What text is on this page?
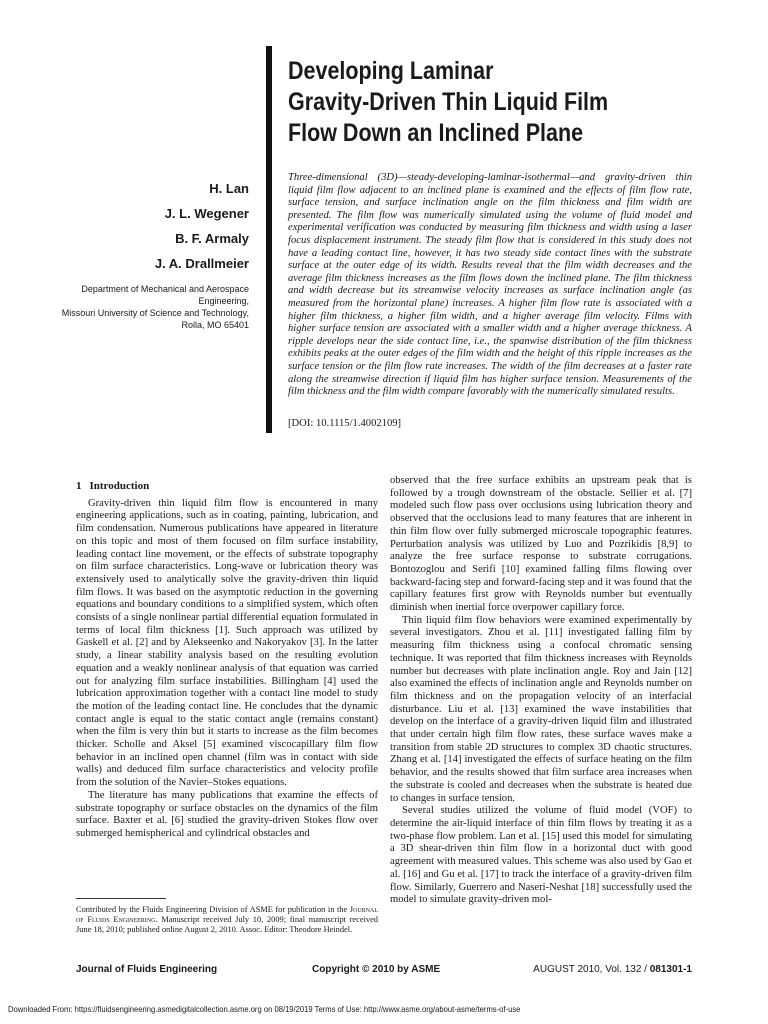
Developing Laminar
Gravity-Driven Thin Liquid Film
Flow Down an Inclined Plane
H. Lan
J. L. Wegener
B. F. Armaly
J. A. Drallmeier
Department of Mechanical and Aerospace
Engineering,
Missouri University of Science and Technology,
Rolla, MO 65401

Three-dimensional (3D)—steady-developing-laminar-isothermal—and gravity-driven thin liquid film flow adjacent to an inclined plane is examined and the effects of film flow rate, surface tension, and surface inclination angle on the film thickness and film width are presented. The film flow was numerically simulated using the volume of fluid model and experimental verification was conducted by measuring film thickness and width using a laser focus displacement instrument. The steady film flow that is considered in this study does not have a leading contact line, however, it has two steady side contact lines with the substrate surface at the outer edge of its width. Results reveal that the film width decreases and the average film thickness increases as the film flows down the inclined plane. The film thickness and width decrease but its streamwise velocity increases as surface inclination angle (as measured from the horizontal plane) increases. A higher film flow rate is associated with a higher film thickness, a higher film width, and a higher average film velocity. Films with higher surface tension are associated with a smaller width and a higher average thickness. A ripple develops near the side contact line, i.e., the spanwise distribution of the film thickness exhibits peaks at the outer edges of the film width and the height of this ripple increases as the surface tension or the film flow rate increases. The width of the film decreases at a faster rate along the streamwise direction if liquid film has higher surface tension. Measurements of the film thickness and the film width compare favorably with the numerically simulated results.

[DOI: 10.1115/1.4002109]
1 Introduction

Gravity-driven thin liquid film flow is encountered in many engineering applications, such as in coating, painting, lubrication, and film condensation. Numerous publications have appeared in literature on this topic and most of them focused on film surface instability, leading contact line movement, or the effects of substrate topography on film surface characteristics. Long-wave or lubrication theory was extensively used to analytically solve the gravity-driven thin liquid film flows. It was based on the asymptotic reduction in the governing equations and boundary conditions to a simplified system, which often consists of a single nonlinear partial differential equation formulated in terms of local film thickness [1]. Such approach was utilized by Gaskell et al. [2] and by Alekseenko and Nakoryakov [3]. In the latter study, a linear stability analysis based on the resulting evolution equation and a weakly nonlinear analysis of that equation was carried out for analyzing film surface instabilities. Billingham [4] used the lubrication approximation together with a contact line model to study the motion of the leading contact line. He concludes that the dynamic contact angle is equal to the static contact angle (remains constant) when the film is very thin but it starts to increase as the film becomes thicker. Scholle and Aksel [5] examined viscocapillary film flow behavior in an inclined open channel (film was in contact with side walls) and deduced film surface characteristics and velocity profile from the solution of the Navier–Stokes equations.

The literature has many publications that examine the effects of substrate topography or surface obstacles on the dynamics of the film surface. Baxter et al. [6] studied the gravity-driven Stokes flow over submerged hemispherical and cylindrical obstacles and

observed that the free surface exhibits an upstream peak that is followed by a trough downstream of the obstacle. Sellier et al. [7] modeled such flow pass over occlusions using lubrication theory and observed that the occlusions lead to many features that are inherent in thin film flow over fully submerged microscale topographic features. Perturbation analysis was utilized by Luo and Pozrikidis [8,9] to analyze the free surface response to substrate corrugations. Bontozoglou and Serifi [10] examined falling films flowing over backward-facing step and forward-facing step and it was found that the capillary features first grow with Reynolds number but eventually diminish when inertial force overpower capillary force.

Thin liquid film flow behaviors were examined experimentally by several investigators. Zhou et al. [11] investigated falling film by measuring film thickness using a confocal chromatic sensing technique. It was reported that film thickness increases with Reynolds number but decreases with plate inclination angle. Roy and Jain [12] also examined the effects of inclination angle and Reynolds number on film thickness and on the propagation velocity of an interfacial disturbance. Liu et al. [13] examined the wave instabilities that develop on the interface of a gravity-driven liquid film and illustrated that under certain high film flow rates, these surface waves make a transition from stable 2D structures to complex 3D chaotic structures. Zhang et al. [14] investigated the effects of surface heating on the film behavior, and the results showed that film surface area increases when the substrate is cooled and decreases when the substrate is heated due to changes in surface tension.

Several studies utilized the volume of fluid model (VOF) to determine the air-liquid interface of thin film flows by treating it as a two-phase flow problem. Lan et al. [15] used this model for simulating a 3D shear-driven thin film flow in a horizontal duct with good agreement with measured values. This scheme was also used by Gao et al. [16] and Gu et al. [17] to track the interface of a gravity-driven film flow. Similarly, Guerrero and Naseri-Neshat [18] successfully used the model to simulate gravity-driven mol-

Contributed by the Fluids Engineering Division of ASME for publication in the Journal of Fluids Engineering. Manuscript received July 10, 2009; final manuscript received June 18, 2010; published online August 2, 2010. Assoc. Editor: Theodore Heindel.
Journal of Fluids Engineering	Copyright © 2010 by ASME	AUGUST 2010, Vol. 132 / 081301-1
Downloaded From: https://fluidsengineering.asmedigitalcollection.asme.org on 08/19/2019 Terms of Use: http://www.asme.org/about-asme/terms-of-use
